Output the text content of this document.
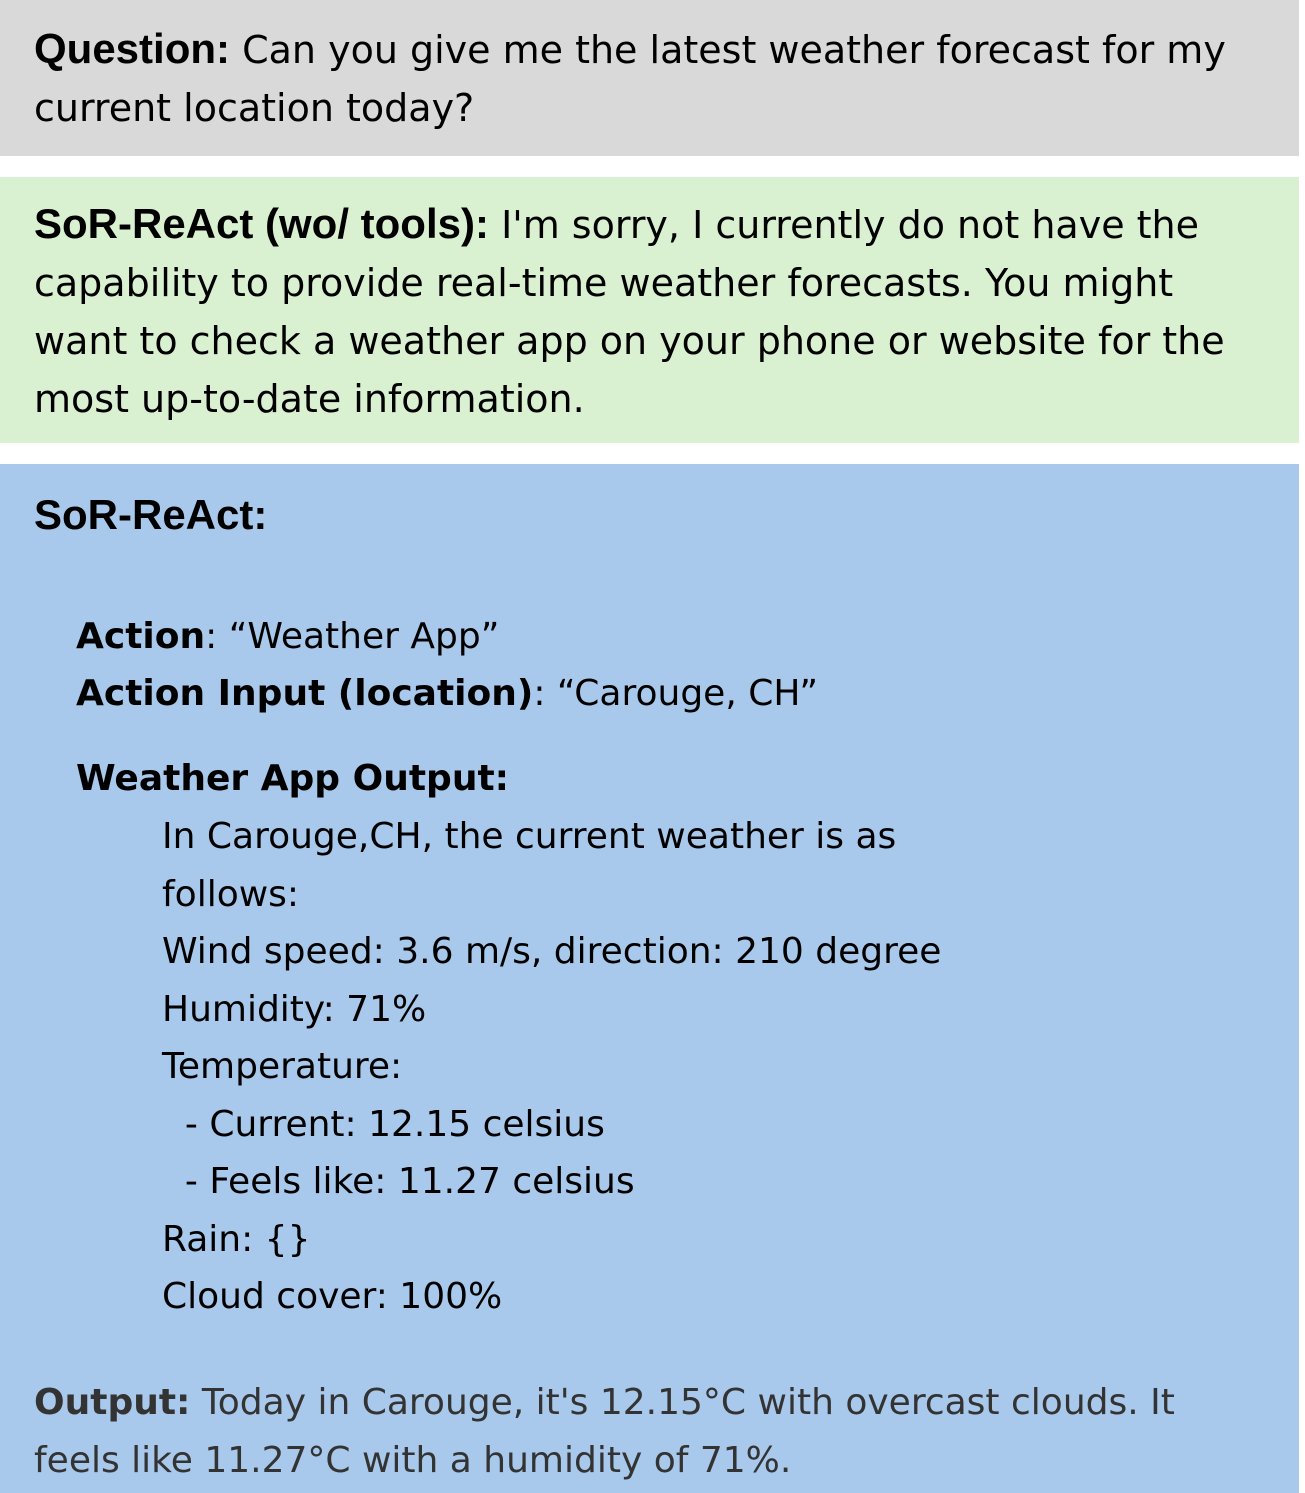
Question: Can you give me the latest weather forecast for my current location today?

SoR-ReAct (wo/ tools): I'm sorry, I currently do not have the capability to provide real-time weather forecasts. You might want to check a weather app on your phone or website for the most up-to-date information.

SoR-ReAct:

Action: “Weather App”

Action Input (location): “Carouge, CH”

Weather App Output:

In Carouge,CH, the current weather is as

follows:

Wind speed: 3.6 m/s, direction: 210 degree

Humidity: 71%

Temperature:

- Current: 12.15 celsius

- Feels like: 11.27 celsius

Rain: {}

Cloud cover: 100%

Output: Today in Carouge, it's 12.15°C with overcast clouds. It feels like 11.27°C with a humidity of 71%.
